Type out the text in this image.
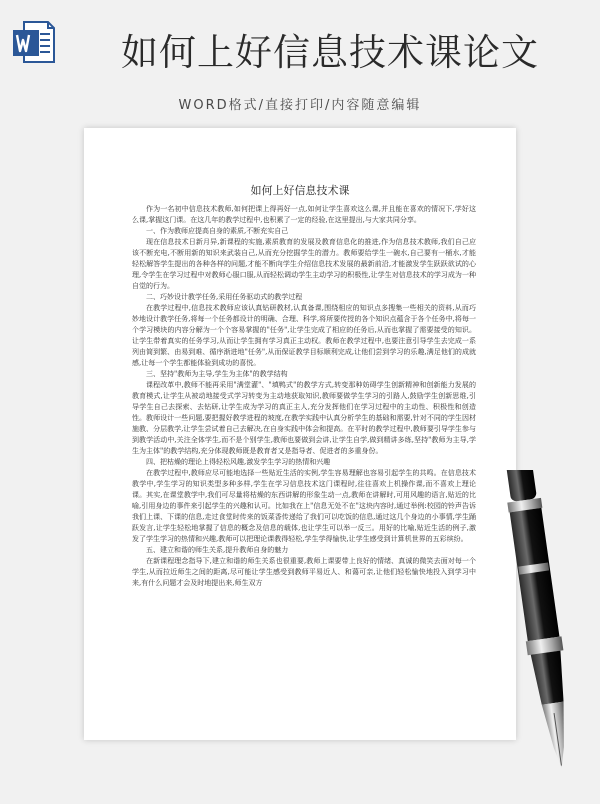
如何上好信息技术课论文
WORD格式/直接打印/内容随意编辑
如何上好信息技术课

作为一名初中信息技术教师,如何把课上得再好一点,如何让学生喜欢这么课,并且能在喜欢的情况下,学好这么课,掌握这门课。在这几年的教学过程中,也积累了一定的经验,在这里提出,与大家共同分享。

一、作为教师应提高自身的素质,不断充实自己

现在信息技术日新月异,新课程的实施,素质教育的发展及教育信息化的推进,作为信息技术教师,我们自己应该不断充电,不断用新的知识来武装自己,从而充分挖掘学生的潜力。教师要给学生一碗水,自己要有一桶水,才能轻松解答学生提出的各种各样的问题,才能不断向学生介绍信息技术发展的最新前沿,才能激发学生跃跃欲试的心理,令学生在学习过程中对教师心服口服,从而轻松调动学生主动学习的积极性,让学生对信息技术的学习成为一种自觉的行为。

二、巧妙设计教学任务,采用任务驱动式的教学过程

在教学过程中,信息技术教师应该认真钻研教材,认真备课,围绕相应的知识点多搜集一些相关的资料,从而巧妙地设计教学任务,将每一个任务都设计的明确、合理、科学,将所要传授的各个知识点蕴含于各个任务中,将每一个学习模块的内容分解为一个个容易掌握的"任务",让学生完成了相应的任务后,从而也掌握了需要接受的知识。让学生带着真实的任务学习,从而让学生拥有学习真正主动权。教师在教学过程中,也要注意引导学生去完成一系列由简到繁、由易到难、循序渐进地"任务",从而保证教学目标顺利完成,让他们尝到学习的乐趣,满足他们的成就感,让每一个学生都能体验到成功的喜悦。

三、坚持"教师为主导,学生为主体"的教学结构

课程改革中,教师不能再采用"满堂灌"、"填鸭式"的教学方式,转变那种妨碍学生创新精神和创新能力发展的教育模式,让学生从被动地接受式学习转变为主动地获取知识,教师要做学生学习的引路人,鼓励学生创新思维,引导学生自己去探索、去钻研,让学生成为学习的真正主人,充分发挥他们在学习过程中的主动性、积极性和创造性。教师设计一些问题,要把握好教学进程的坡度,在教学实践中认真分析学生的基础和需要,针对不同的学生因材施教、分层教学,让学生尝试着自己去解决,在自身实践中体会和提高。在平时的教学过程中,教师要引导学生参与到教学活动中,关注全体学生,而不是个别学生,教师也要做到会讲,让学生自学,做到精讲多练,坚持"教师为主导,学生为主体"的教学结构,充分体现教师既是教育者又是指导者、促进者的多重身份。

四、把枯燥的理论上得轻松风趣,激发学生学习的热情和兴趣

在教学过程中,教师应尽可能地选择一些贴近生活的实例,学生容易理解也容易引起学生的共鸣。在信息技术教学中,学生学习的知识类型多种多样,学生在学习信息技术这门课程时,往往喜欢上机操作课,而不喜欢上理论课。其实,在课堂教学中,我们可尽量将枯燥的东西讲解的形象生动一点,教师在讲解时,可用风趣的语言,贴近的比喻,引用身边的事件来引起学生的兴趣和认可。比如我在上"信息无处不在"这块内容时,通过举例:校园的铃声告诉我们上课、下课的信息,走过食堂时传来的饭菜香传递给了我们可以吃饭的信息,通过这几个身边的小事情,学生踊跃发言,让学生轻松地掌握了信息的概念及信息的载体,也让学生可以举一反三。用好的比喻,贴近生活的例子,激发了学生学习的热情和兴趣,教师可以把理论课教得轻松,学生学得愉快,让学生感受到计算机世界的五彩缤纷。

五、建立和谐的师生关系,提升教师自身的魅力

在新课程理念指导下,建立和谐的师生关系也很重要,教师上课要带上良好的情绪、真诚的微笑去面对每一个学生,从而拉近师生之间的距离,尽可能让学生感受到教师平易近人、和蔼可亲,让他们轻松愉快地投入到学习中来,有什么问题才会及时地提出来,师生双方
